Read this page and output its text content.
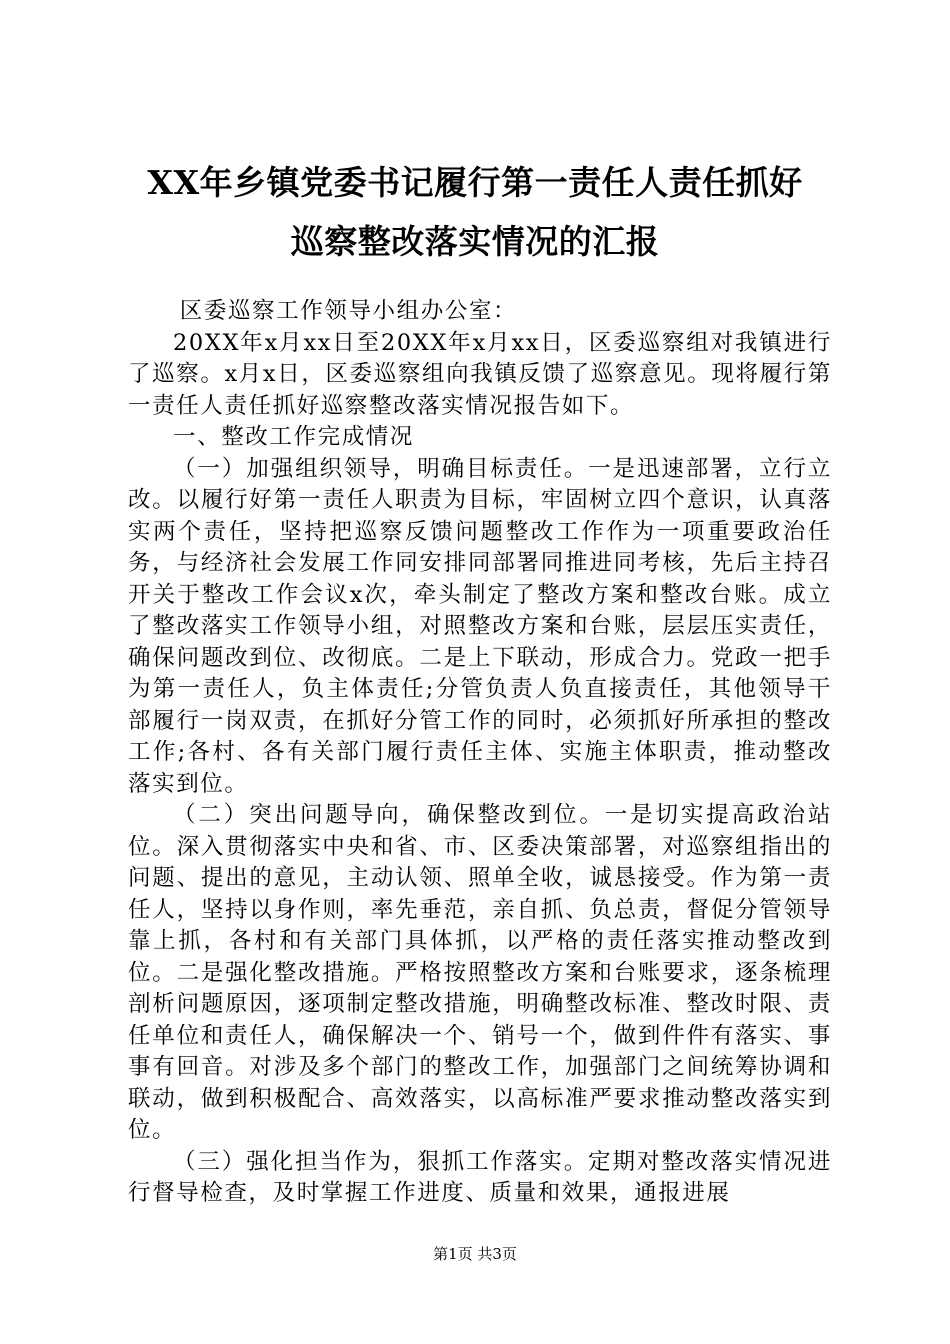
XX年乡镇党委书记履行第一责任人责任抓好
巡察整改落实情况的汇报

区委巡察工作领导小组办公室：

20XX年x月xx日至20XX年x月xx日，区委巡察组对我镇进行了巡察。x月x日，区委巡察组向我镇反馈了巡察意见。现将履行第一责任人责任抓好巡察整改落实情况报告如下。

一、整改工作完成情况

（一）加强组织领导，明确目标责任。一是迅速部署，立行立改。以履行好第一责任人职责为目标，牢固树立四个意识，认真落实两个责任，坚持把巡察反馈问题整改工作作为一项重要政治任务，与经济社会发展工作同安排同部署同推进同考核，先后主持召开关于整改工作会议x次，牵头制定了整改方案和整改台账。成立了整改落实工作领导小组，对照整改方案和台账，层层压实责任，确保问题改到位、改彻底。二是上下联动，形成合力。党政一把手为第一责任人，负主体责任;分管负责人负直接责任，其他领导干部履行一岗双责，在抓好分管工作的同时，必须抓好所承担的整改工作;各村、各有关部门履行责任主体、实施主体职责，推动整改落实到位。

（二）突出问题导向，确保整改到位。一是切实提高政治站位。深入贯彻落实中央和省、市、区委决策部署，对巡察组指出的问题、提出的意见，主动认领、照单全收，诚恳接受。作为第一责任人，坚持以身作则，率先垂范，亲自抓、负总责，督促分管领导靠上抓，各村和有关部门具体抓，以严格的责任落实推动整改到位。二是强化整改措施。严格按照整改方案和台账要求，逐条梳理剖析问题原因，逐项制定整改措施，明确整改标准、整改时限、责任单位和责任人，确保解决一个、销号一个，做到件件有落实、事事有回音。对涉及多个部门的整改工作，加强部门之间统筹协调和联动，做到积极配合、高效落实，以高标准严要求推动整改落实到位。

（三）强化担当作为，狠抓工作落实。定期对整改落实情况进行督导检查，及时掌握工作进度、质量和效果，通报进展

第1页 共3页
